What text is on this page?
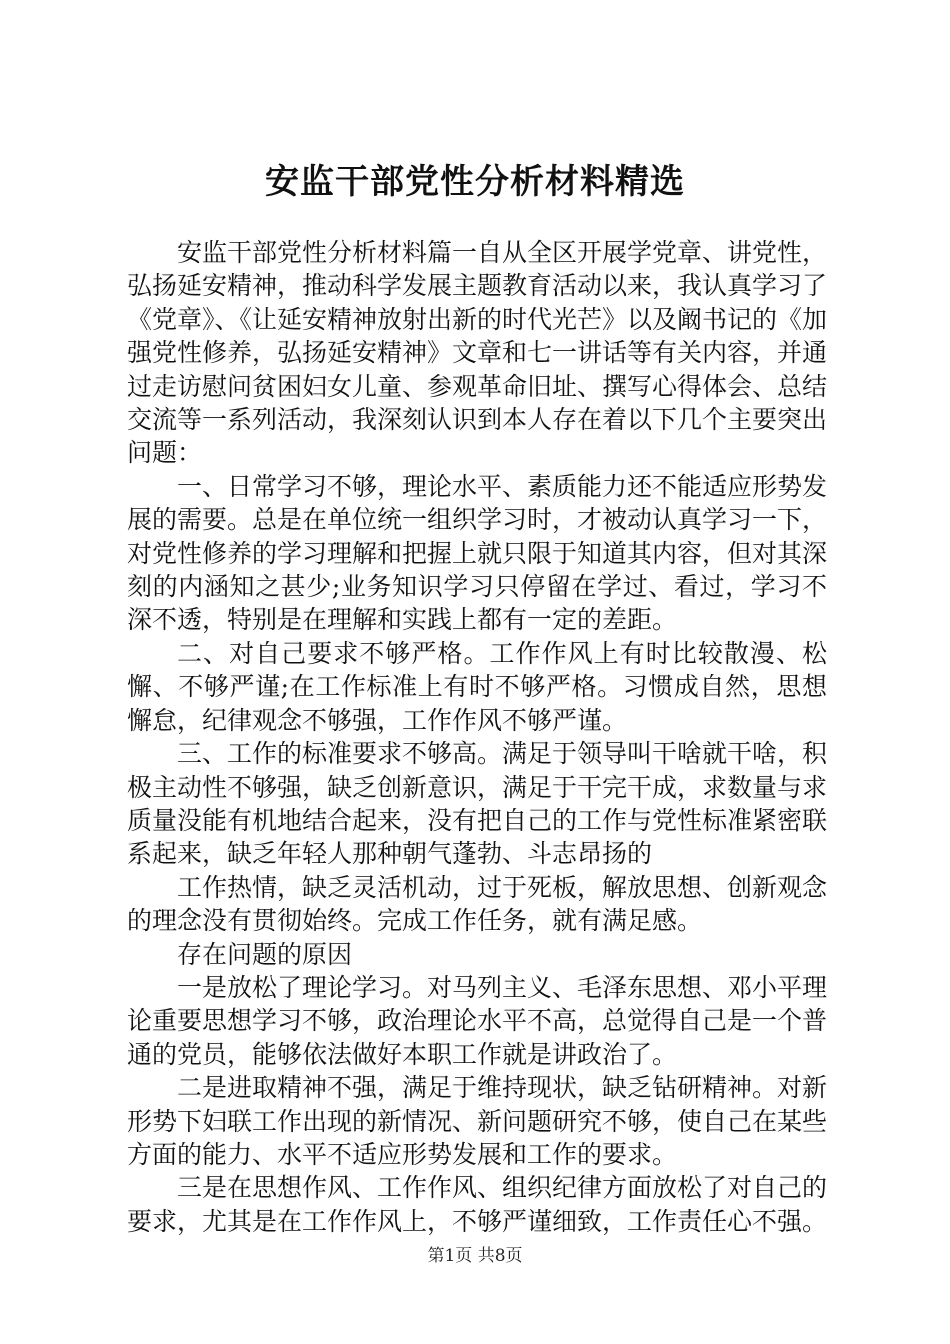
安监干部党性分析材料精选

安监干部党性分析材料篇一自从全区开展学党章、讲党性，弘扬延安精神，推动科学发展主题教育活动以来，我认真学习了《党章》、《让延安精神放射出新的时代光芒》以及阚书记的《加强党性修养，弘扬延安精神》文章和七一讲话等有关内容，并通过走访慰问贫困妇女儿童、参观革命旧址、撰写心得体会、总结交流等一系列活动，我深刻认识到本人存在着以下几个主要突出问题：

一、日常学习不够，理论水平、素质能力还不能适应形势发展的需要。总是在单位统一组织学习时，才被动认真学习一下，对党性修养的学习理解和把握上就只限于知道其内容，但对其深刻的内涵知之甚少;业务知识学习只停留在学过、看过，学习不深不透，特别是在理解和实践上都有一定的差距。

二、对自己要求不够严格。工作作风上有时比较散漫、松懈、不够严谨;在工作标准上有时不够严格。习惯成自然，思想懈怠，纪律观念不够强，工作作风不够严谨。

三、工作的标准要求不够高。满足于领导叫干啥就干啥，积极主动性不够强，缺乏创新意识，满足于干完干成，求数量与求质量没能有机地结合起来，没有把自己的工作与党性标准紧密联系起来，缺乏年轻人那种朝气蓬勃、斗志昂扬的

工作热情，缺乏灵活机动，过于死板，解放思想、创新观念的理念没有贯彻始终。完成工作任务，就有满足感。

存在问题的原因

一是放松了理论学习。对马列主义、毛泽东思想、邓小平理论重要思想学习不够，政治理论水平不高，总觉得自己是一个普通的党员，能够依法做好本职工作就是讲政治了。

二是进取精神不强，满足于维持现状，缺乏钻研精神。对新形势下妇联工作出现的新情况、新问题研究不够，使自己在某些方面的能力、水平不适应形势发展和工作的要求。

三是在思想作风、工作作风、组织纪律方面放松了对自己的要求，尤其是在工作作风上，不够严谨细致，工作责任心不强。

第1页 共8页
